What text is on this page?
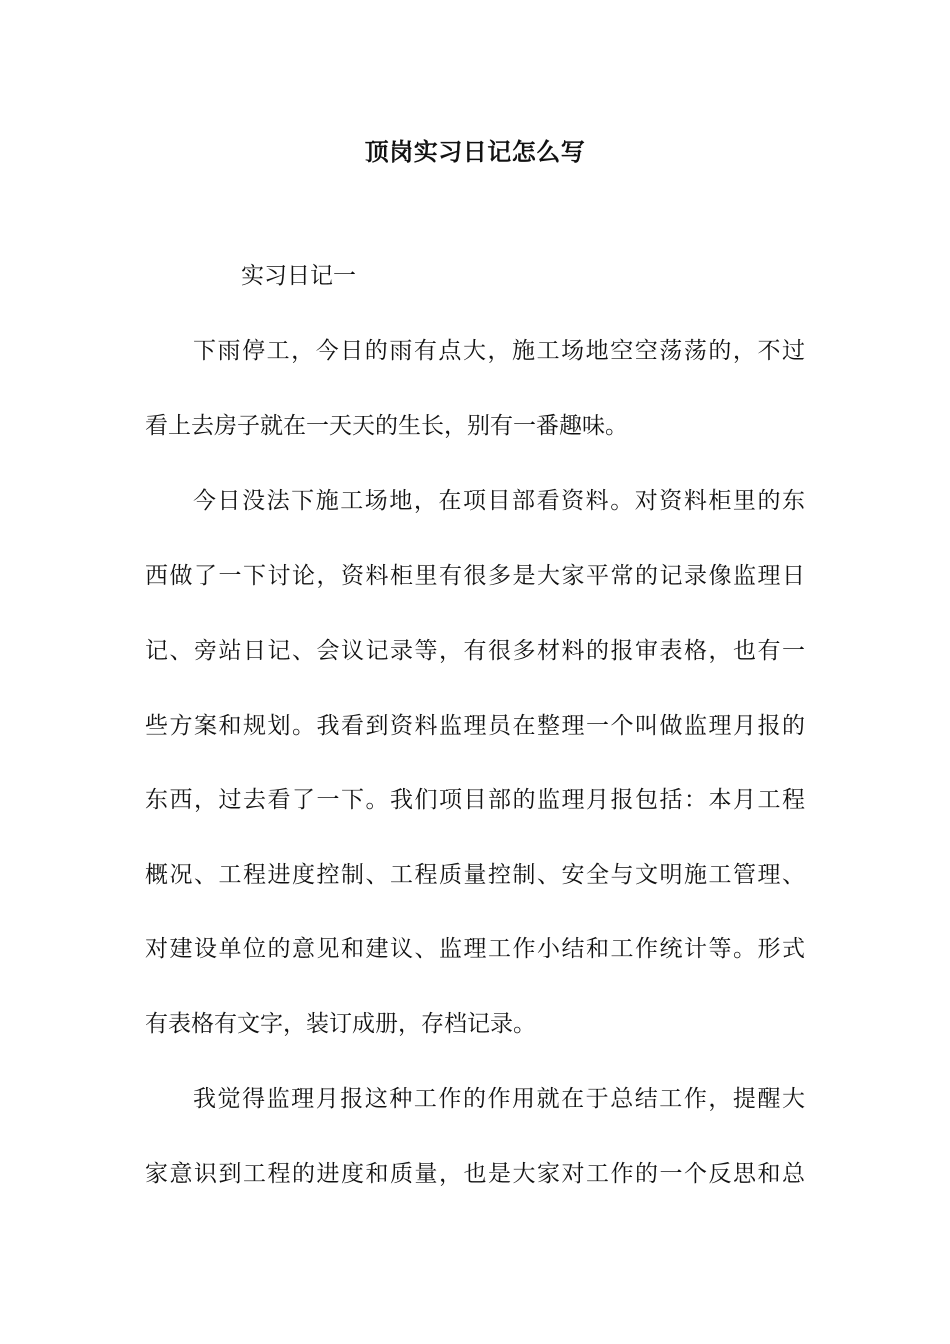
顶岗实习日记怎么写
实习日记一
下雨停工，今日的雨有点大，施工场地空空荡荡的，不过
看上去房子就在一天天的生长，别有一番趣味。
今日没法下施工场地，在项目部看资料。对资料柜里的东
西做了一下讨论，资料柜里有很多是大家平常的记录像监理日
记、旁站日记、会议记录等，有很多材料的报审表格，也有一
些方案和规划。我看到资料监理员在整理一个叫做监理月报的
东西，过去看了一下。我们项目部的监理月报包括：本月工程
概况、工程进度控制、工程质量控制、安全与文明施工管理、
对建设单位的意见和建议、监理工作小结和工作统计等。形式
有表格有文字，装订成册，存档记录。
我觉得监理月报这种工作的作用就在于总结工作，提醒大
家意识到工程的进度和质量，也是大家对工作的一个反思和总
